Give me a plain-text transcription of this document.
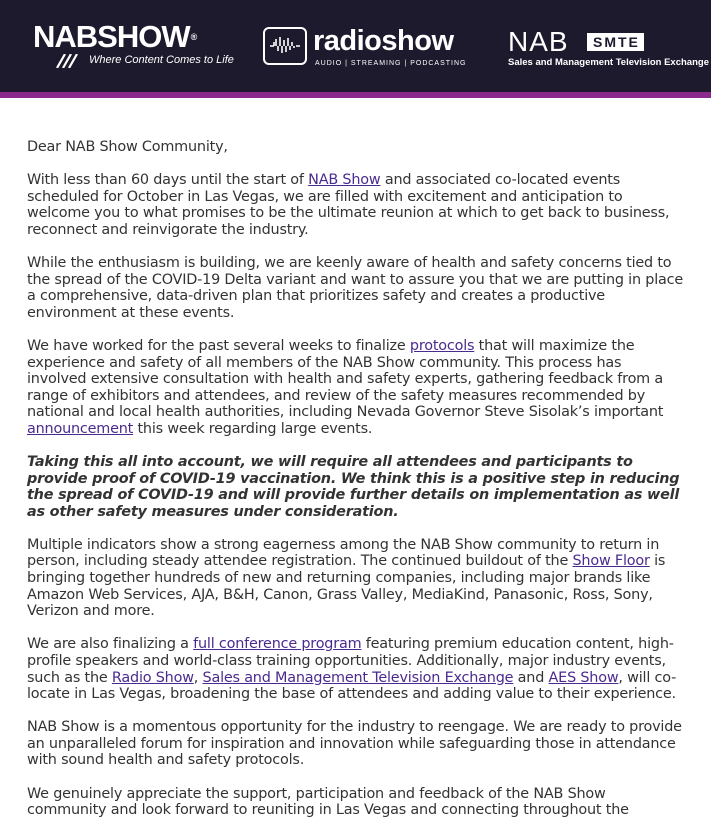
NABSHOW®
Where Content Comes to Life
radioshow
AUDIO | STREAMING | PODCASTING
NAB	SMTE
Sales and Management Television Exchange

Dear NAB Show Community,

With less than 60 days until the start of NAB Show and associated co-located events scheduled for October in Las Vegas, we are filled with excitement and anticipation to welcome you to what promises to be the ultimate reunion at which to get back to business, reconnect and reinvigorate the industry.

While the enthusiasm is building, we are keenly aware of health and safety concerns tied to the spread of the COVID-19 Delta variant and want to assure you that we are putting in place a comprehensive, data-driven plan that prioritizes safety and creates a productive environment at these events.

We have worked for the past several weeks to finalize protocols that will maximize the experience and safety of all members of the NAB Show community. This process has involved extensive consultation with health and safety experts, gathering feedback from a range of exhibitors and attendees, and review of the safety measures recommended by national and local health authorities, including Nevada Governor Steve Sisolak’s important announcement this week regarding large events.

Taking this all into account, we will require all attendees and participants to provide proof of COVID-19 vaccination. We think this is a positive step in reducing the spread of COVID-19 and will provide further details on implementation as well as other safety measures under consideration.

Multiple indicators show a strong eagerness among the NAB Show community to return in person, including steady attendee registration. The continued buildout of the Show Floor is bringing together hundreds of new and returning companies, including major brands like Amazon Web Services, AJA, B&H, Canon, Grass Valley, MediaKind, Panasonic, Ross, Sony, Verizon and more.

We are also finalizing a full conference program featuring premium education content, high-profile speakers and world-class training opportunities. Additionally, major industry events, such as the Radio Show, Sales and Management Television Exchange and AES Show, will co-locate in Las Vegas, broadening the base of attendees and adding value to their experience.

NAB Show is a momentous opportunity for the industry to reengage. We are ready to provide an unparalleled forum for inspiration and innovation while safeguarding those in attendance with sound health and safety protocols.

We genuinely appreciate the support, participation and feedback of the NAB Show community and look forward to reuniting in Las Vegas and connecting throughout the
